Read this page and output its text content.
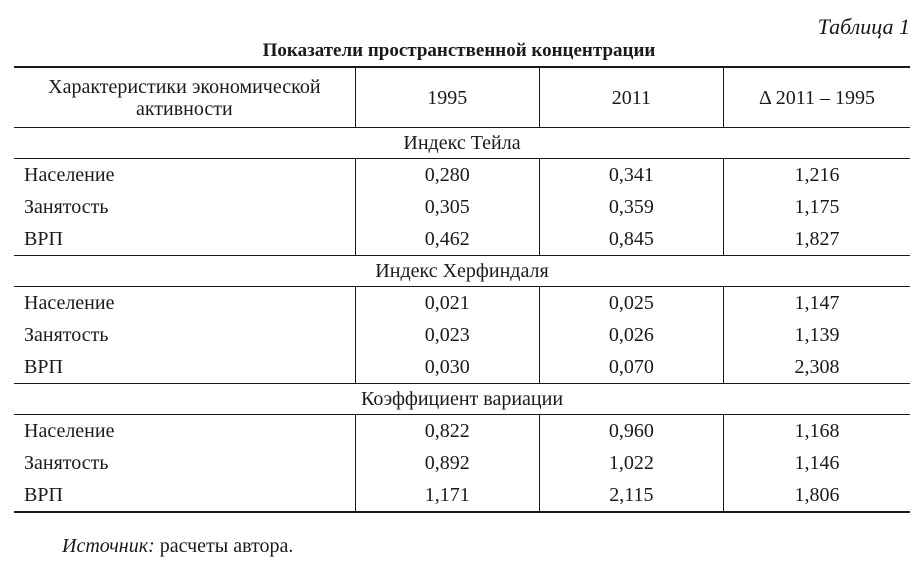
Таблица 1
Показатели пространственной концентрации
Характеристики экономической активности	1995	2011	Δ 2011 – 1995
Индекс Тейла			
Население	0,280	0,341	1,216
Занятость	0,305	0,359	1,175
ВРП	0,462	0,845	1,827
Индекс Херфиндаля			
Население	0,021	0,025	1,147
Занятость	0,023	0,026	1,139
ВРП	0,030	0,070	2,308
Коэффициент вариации			
Население	0,822	0,960	1,168
Занятость	0,892	1,022	1,146
ВРП	1,171	2,115	1,806
Источник: расчеты автора.
